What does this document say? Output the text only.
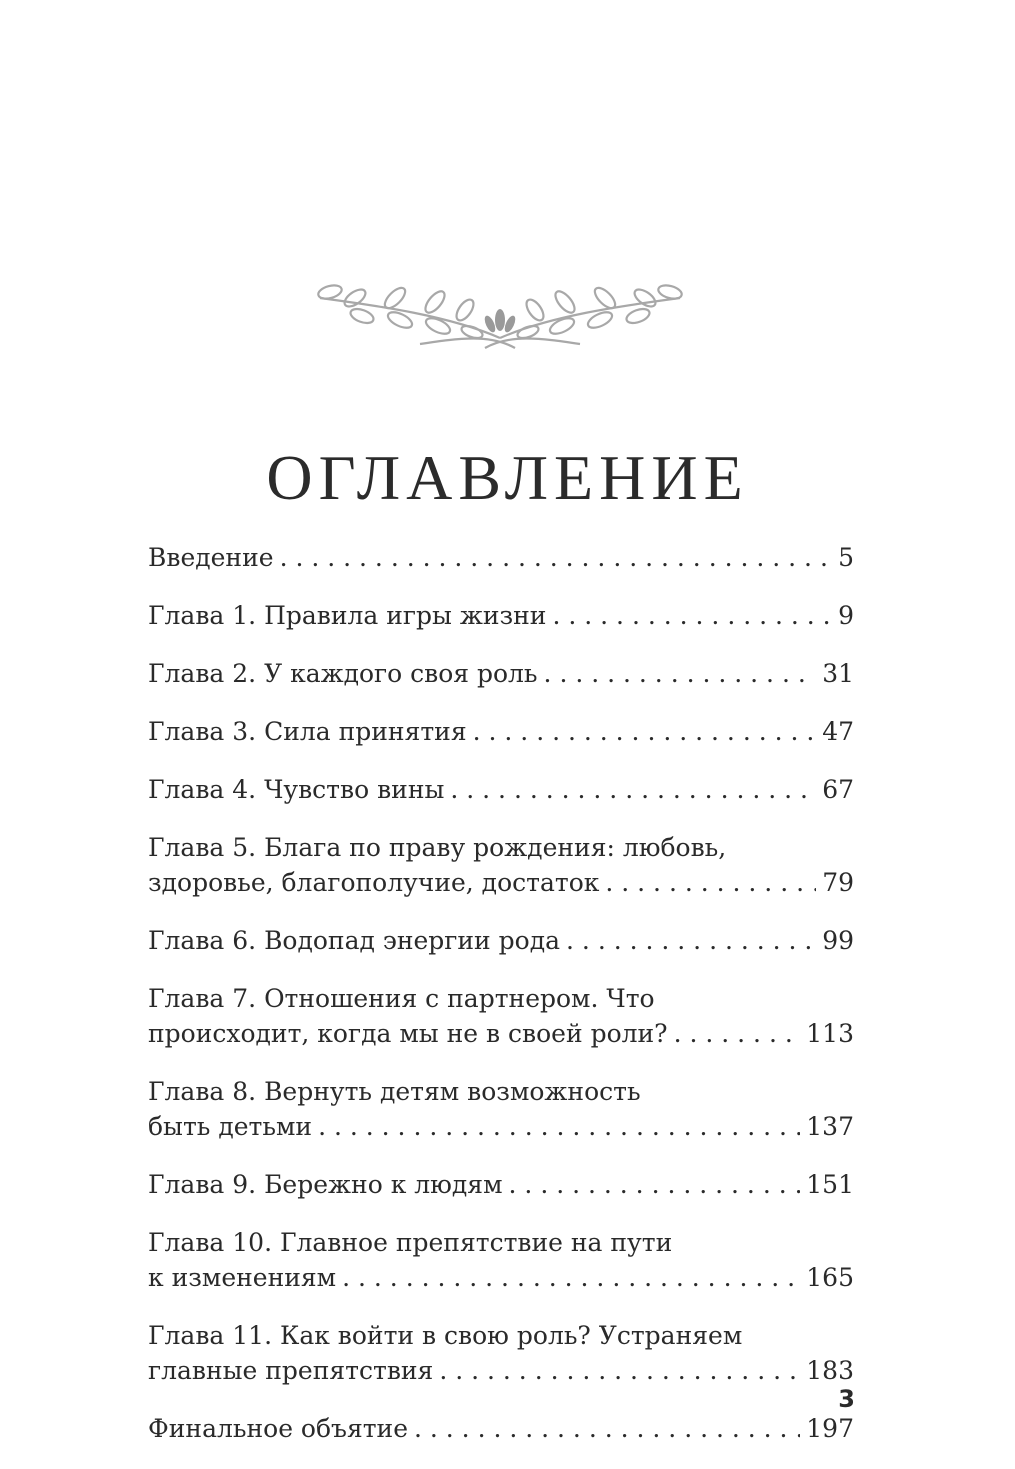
ОГЛАВЛЕНИЕ
Введение . . .	5
Глава 1. Правила игры жизни . . .	9
Глава 2. У каждого своя роль . . .	31
Глава 3. Сила принятия . . .	47
Глава 4. Чувство вины . . .	67
Глава 5. Блага по праву рождения: любовь,
здоровье, благополучие, достаток . . .	79
Глава 6. Водопад энергии рода . . .	99
Глава 7. Отношения с партнером. Что
происходит, когда мы не в своей роли? . . .	113
Глава 8. Вернуть детям возможность
быть детьми . . .	137
Глава 9. Бережно к людям . . .	151
Глава 10. Главное препятствие на пути
к изменениям . . .	165
Глава 11. Как войти в свою роль? Устраняем
главные препятствия . . .	183
Финальное объятие . . .	197
3
